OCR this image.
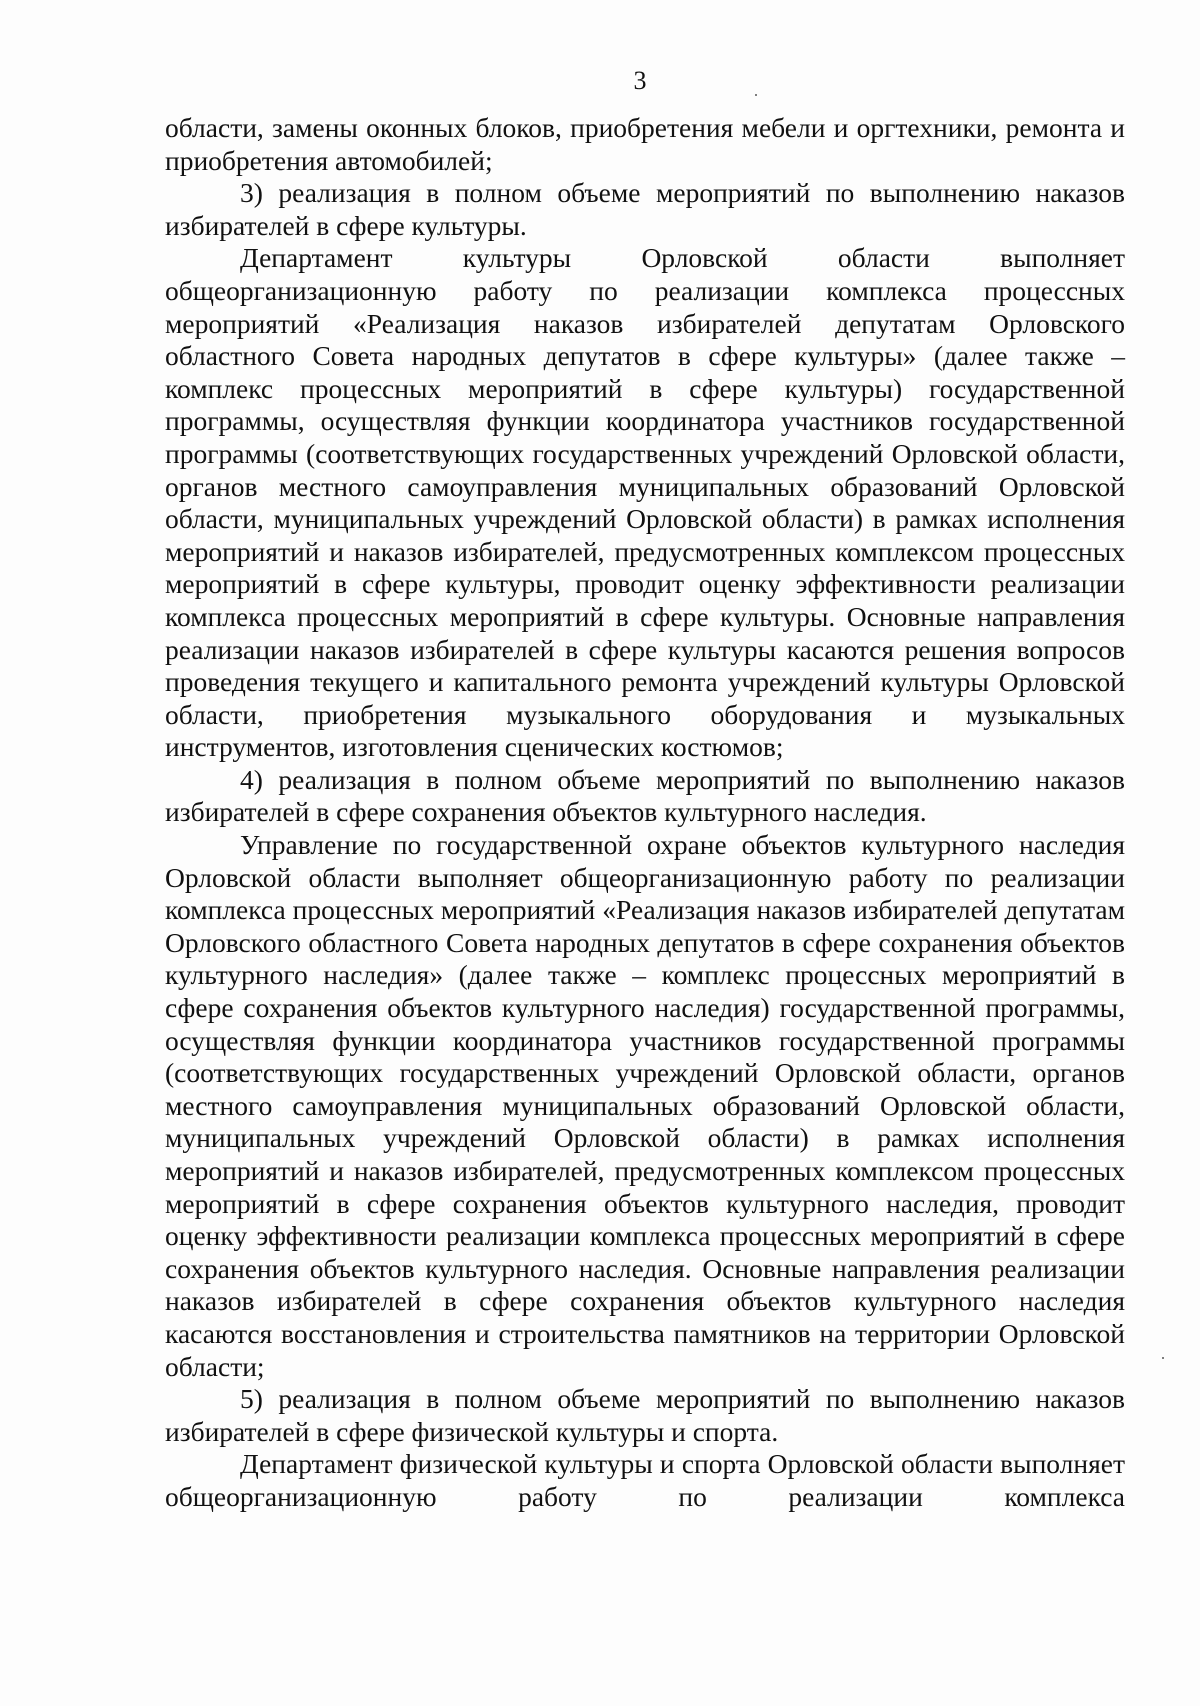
3

области, замены оконных блоков, приобретения мебели и оргтехники, ремонта и приобретения автомобилей;

3) реализация в полном объеме мероприятий по выполнению наказов избирателей в сфере культуры.

Департамент культуры Орловской области выполняет общеорганизационную работу по реализации комплекса процессных мероприятий «Реализация наказов избирателей депутатам Орловского областного Совета народных депутатов в сфере культуры» (далее также – комплекс процессных мероприятий в сфере культуры) государственной программы, осуществляя функции координатора участников государственной программы (соответствующих государственных учреждений Орловской области, органов местного самоуправления муниципальных образований Орловской области, муниципальных учреждений Орловской области) в рамках исполнения мероприятий и наказов избирателей, предусмотренных комплексом процессных мероприятий в сфере культуры, проводит оценку эффективности реализации комплекса процессных мероприятий в сфере культуры. Основные направления реализации наказов избирателей в сфере культуры касаются решения вопросов проведения текущего и капитального ремонта учреждений культуры Орловской области, приобретения музыкального оборудования и музыкальных инструментов, изготовления сценических костюмов;

4) реализация в полном объеме мероприятий по выполнению наказов избирателей в сфере сохранения объектов культурного наследия.

Управление по государственной охране объектов культурного наследия Орловской области выполняет общеорганизационную работу по реализации комплекса процессных мероприятий «Реализация наказов избирателей депутатам Орловского областного Совета народных депутатов в сфере сохранения объектов культурного наследия» (далее также – комплекс процессных мероприятий в сфере сохранения объектов культурного наследия) государственной программы, осуществляя функции координатора участников государственной программы (соответствующих государственных учреждений Орловской области, органов местного самоуправления муниципальных образований Орловской области, муниципальных учреждений Орловской области) в рамках исполнения мероприятий и наказов избирателей, предусмотренных комплексом процессных мероприятий в сфере сохранения объектов культурного наследия, проводит оценку эффективности реализации комплекса процессных мероприятий в сфере сохранения объектов культурного наследия. Основные направления реализации наказов избирателей в сфере сохранения объектов культурного наследия касаются восстановления и строительства памятников на территории Орловской области;

5) реализация в полном объеме мероприятий по выполнению наказов избирателей в сфере физической культуры и спорта.

Департамент физической культуры и спорта Орловской области выполняет общеорганизационную работу по реализации комплекса
